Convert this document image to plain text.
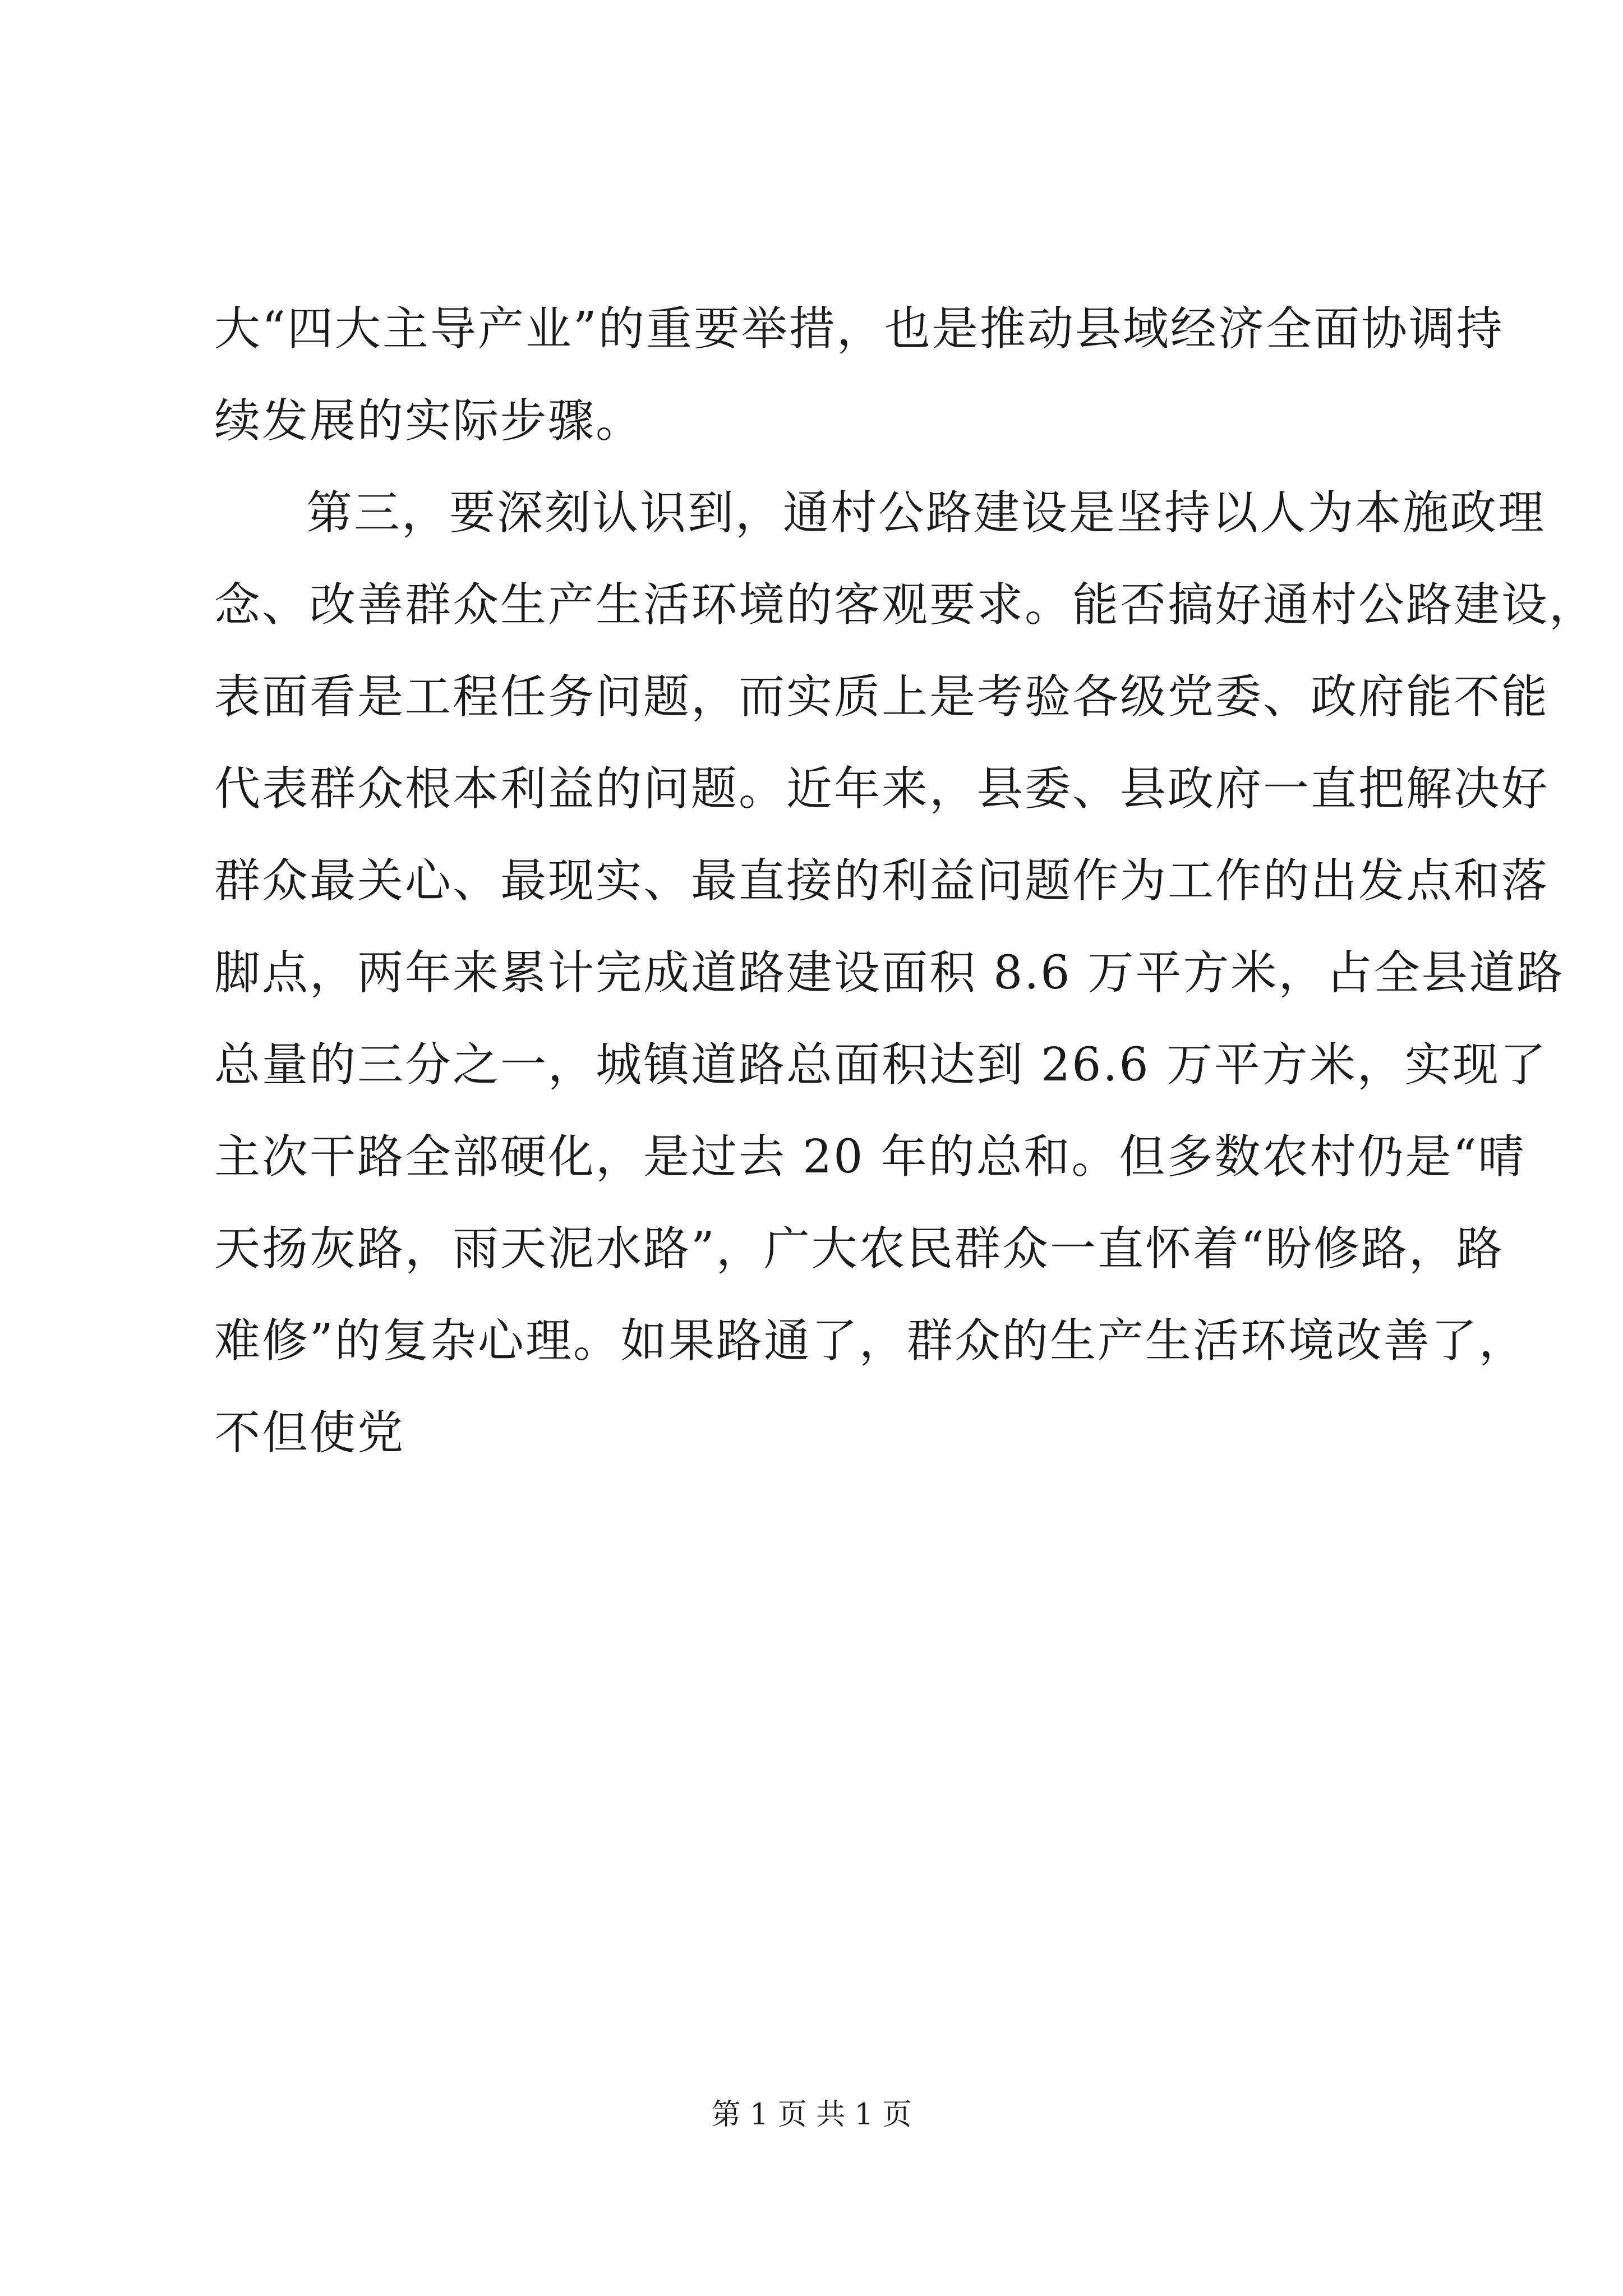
大“四大主导产业”的重要举措，也是推动县域经济全面协调持
续发展的实际步骤。
第三，要深刻认识到，通村公路建设是坚持以人为本施政理
念、改善群众生产生活环境的客观要求。能否搞好通村公路建设，
表面看是工程任务问题，而实质上是考验各级党委、政府能不能
代表群众根本利益的问题。近年来，县委、县政府一直把解决好
群众最关心、最现实、最直接的利益问题作为工作的出发点和落
脚点，两年来累计完成道路建设面积 8.6 万平方米，占全县道路
总量的三分之一，城镇道路总面积达到 26.6 万平方米，实现了
主次干路全部硬化，是过去 20 年的总和。但多数农村仍是“晴
天扬灰路，雨天泥水路”，广大农民群众一直怀着“盼修路，路
难修”的复杂心理。如果路通了，群众的生产生活环境改善了，
不但使党
第 1 页 共 1 页
